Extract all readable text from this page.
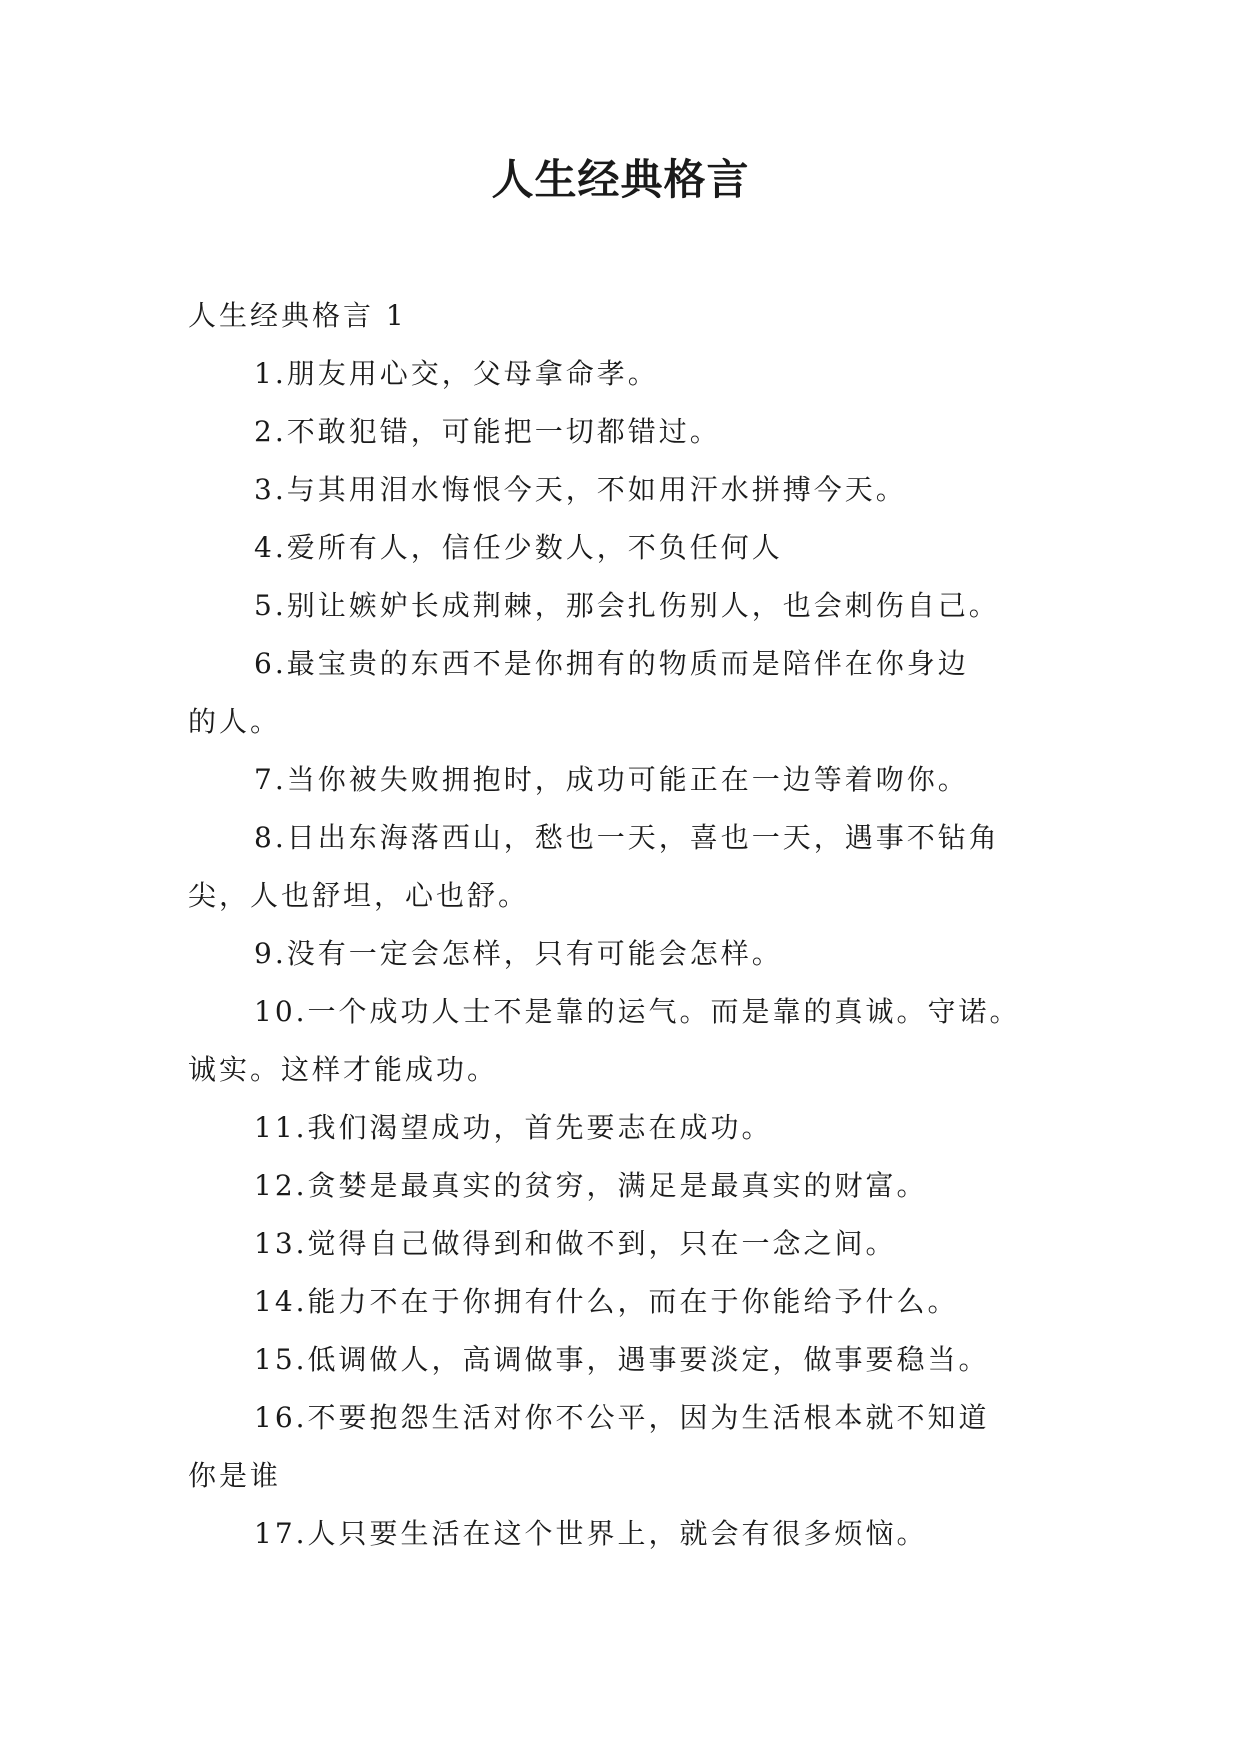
人生经典格言

人生经典格言 1

1.朋友用心交，父母拿命孝。

2.不敢犯错，可能把一切都错过。

3.与其用泪水悔恨今天，不如用汗水拼搏今天。

4.爱所有人，信任少数人，不负任何人

5.别让嫉妒长成荆棘，那会扎伤别人，也会刺伤自己。

6.最宝贵的东西不是你拥有的物质而是陪伴在你身边

的人。

7.当你被失败拥抱时，成功可能正在一边等着吻你。

8.日出东海落西山，愁也一天，喜也一天，遇事不钻角

尖，人也舒坦，心也舒。

9.没有一定会怎样，只有可能会怎样。

10.一个成功人士不是靠的运气。而是靠的真诚。守诺。

诚实。这样才能成功。

11.我们渴望成功，首先要志在成功。

12.贪婪是最真实的贫穷，满足是最真实的财富。

13.觉得自己做得到和做不到，只在一念之间。

14.能力不在于你拥有什么，而在于你能给予什么。

15.低调做人，高调做事，遇事要淡定，做事要稳当。

16.不要抱怨生活对你不公平，因为生活根本就不知道

你是谁

17.人只要生活在这个世界上，就会有很多烦恼。
